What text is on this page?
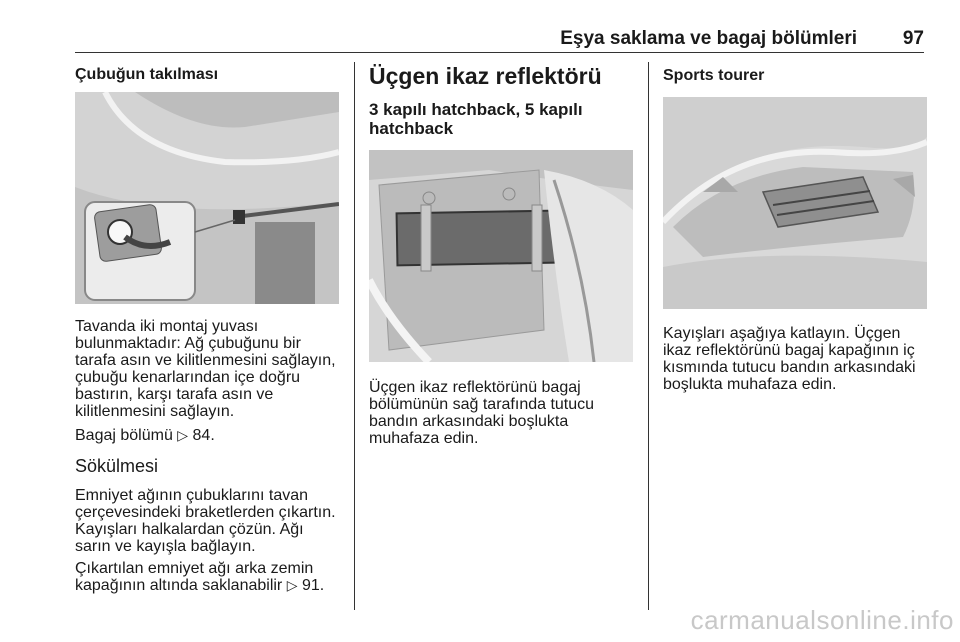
Eşya saklama ve bagaj bölümleri 97
Çubuğun takılması
Tavanda iki montaj yuvası
bulunmaktadır: Ağ çubuğunu bir
tarafa asın ve kilitlenmesini sağlayın,
çubuğu kenarlarından içe doğru
bastırın, karşı tarafa asın ve
kilitlenmesini sağlayın.
Bagaj bölümü ▷ 84.
Sökülmesi
Emniyet ağının çubuklarını tavan
çerçevesindeki braketlerden çıkartın.
Kayışları halkalardan çözün. Ağı
sarın ve kayışla bağlayın.
Çıkartılan emniyet ağı arka zemin
kapağının altında saklanabilir ▷ 91.
Üçgen ikaz reflektörü
3 kapılı hatchback, 5 kapılı
hatchback
Üçgen ikaz reflektörünü bagaj
bölümünün sağ tarafında tutucu
bandın arkasındaki boşlukta
muhafaza edin.
Sports tourer
Kayışları aşağıya katlayın. Üçgen
ikaz reflektörünü bagaj kapağının iç
kısmında tutucu bandın arkasındaki
boşlukta muhafaza edin.
carmanualsonline.info
